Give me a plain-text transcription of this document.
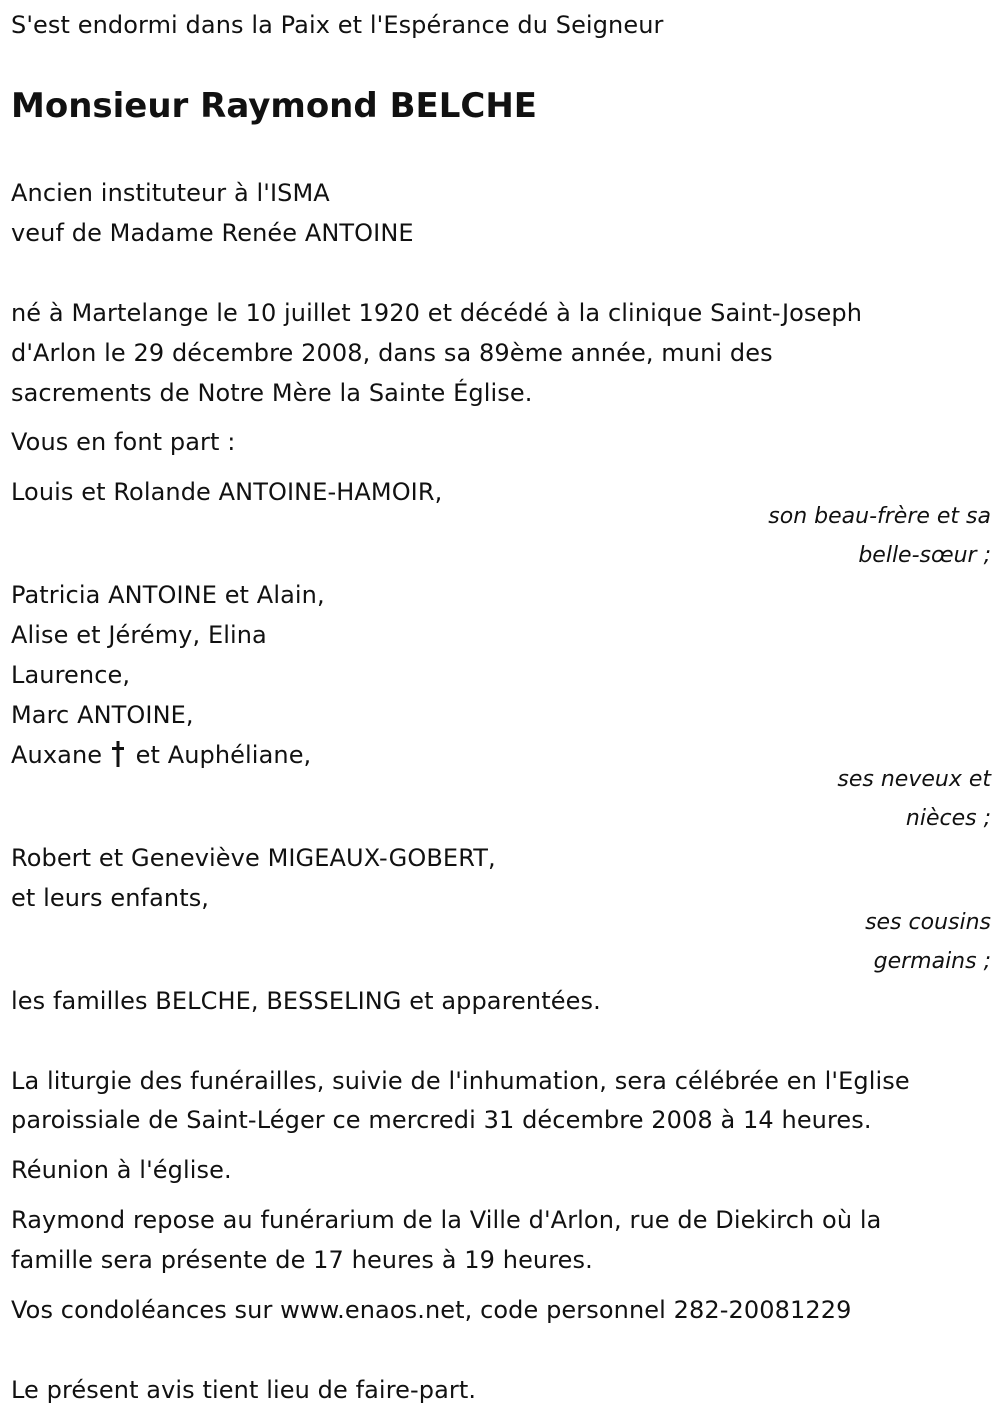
S'est endormi dans la Paix et l'Espérance du Seigneur
Monsieur Raymond BELCHE
Ancien instituteur à l'ISMA
veuf de Madame Renée ANTOINE
né à Martelange le 10 juillet 1920 et décédé à la clinique Saint-Joseph
d'Arlon le 29 décembre 2008, dans sa 89ème année, muni des
sacrements de Notre Mère la Sainte Église.
Vous en font part :
Louis et Rolande ANTOINE-HAMOIR,
son beau-frère et sa
belle-sœur ;
Patricia ANTOINE et Alain,
Alise et Jérémy, Elina
Laurence,
Marc ANTOINE,
Auxane et Auphéliane,
ses neveux et
nièces ;
Robert et Geneviève MIGEAUX-GOBERT,
et leurs enfants,
ses cousins
germains ;
les familles BELCHE, BESSELING et apparentées.
La liturgie des funérailles, suivie de l'inhumation, sera célébrée en l'Eglise
paroissiale de Saint-Léger ce mercredi 31 décembre 2008 à 14 heures.
Réunion à l'église.
Raymond repose au funérarium de la Ville d'Arlon, rue de Diekirch où la
famille sera présente de 17 heures à 19 heures.
Vos condoléances sur www.enaos.net, code personnel 282-20081229
Le présent avis tient lieu de faire-part.
